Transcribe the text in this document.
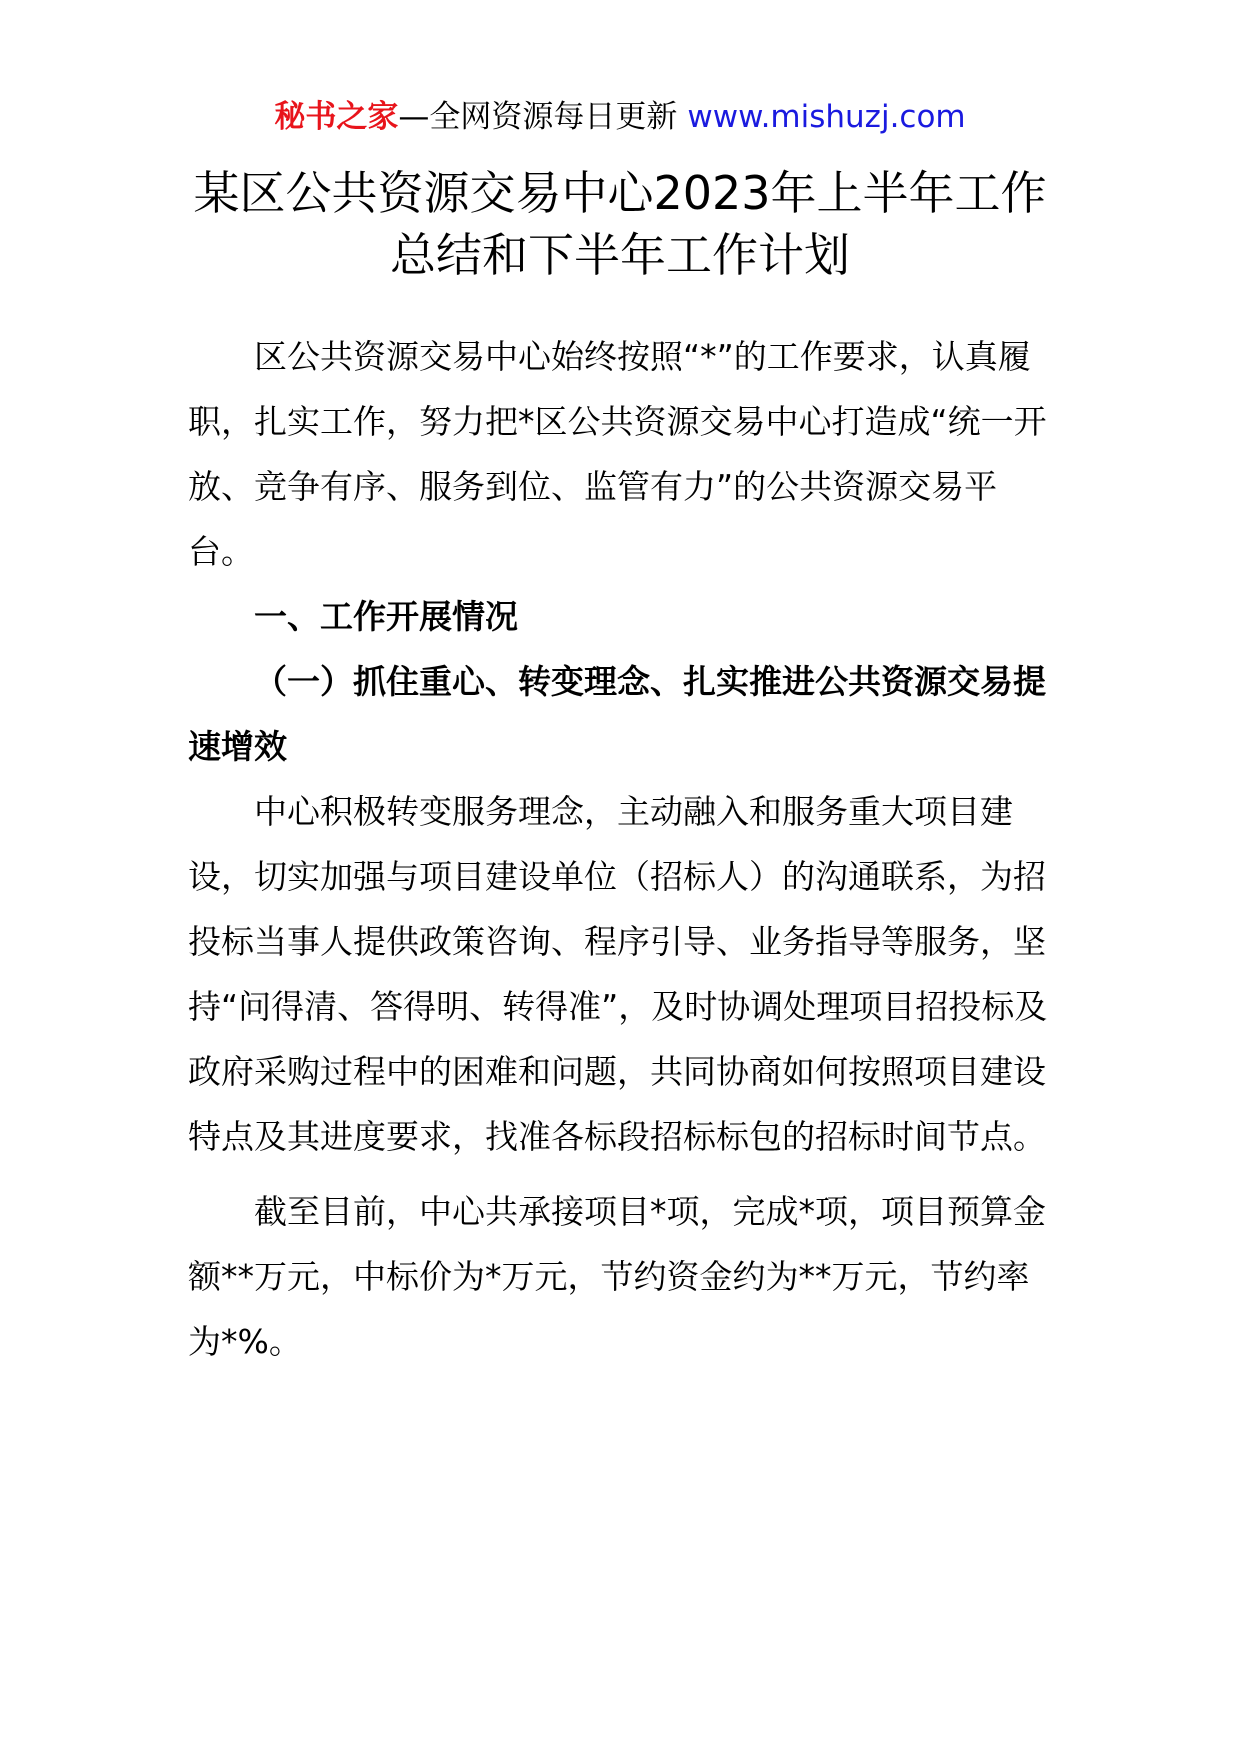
秘书之家—全网资源每日更新 www.mishuzj.com
某区公共资源交易中心2023年上半年工作
总结和下半年工作计划

区公共资源交易中心始终按照“*”的工作要求，认真履职，扎实工作，努力把*区公共资源交易中心打造成“统一开放、竞争有序、服务到位、监管有力”的公共资源交易平台。

一、工作开展情况

（一）抓住重心、转变理念、扎实推进公共资源交易提速增效

中心积极转变服务理念，主动融入和服务重大项目建设，切实加强与项目建设单位（招标人）的沟通联系，为招投标当事人提供政策咨询、程序引导、业务指导等服务，坚持“问得清、答得明、转得准”，及时协调处理项目招投标及政府采购过程中的困难和问题，共同协商如何按照项目建设特点及其进度要求，找准各标段招标标包的招标时间节点。

截至目前，中心共承接项目*项，完成*项，项目预算金额**万元，中标价为*万元，节约资金约为**万元，节约率为*%。
